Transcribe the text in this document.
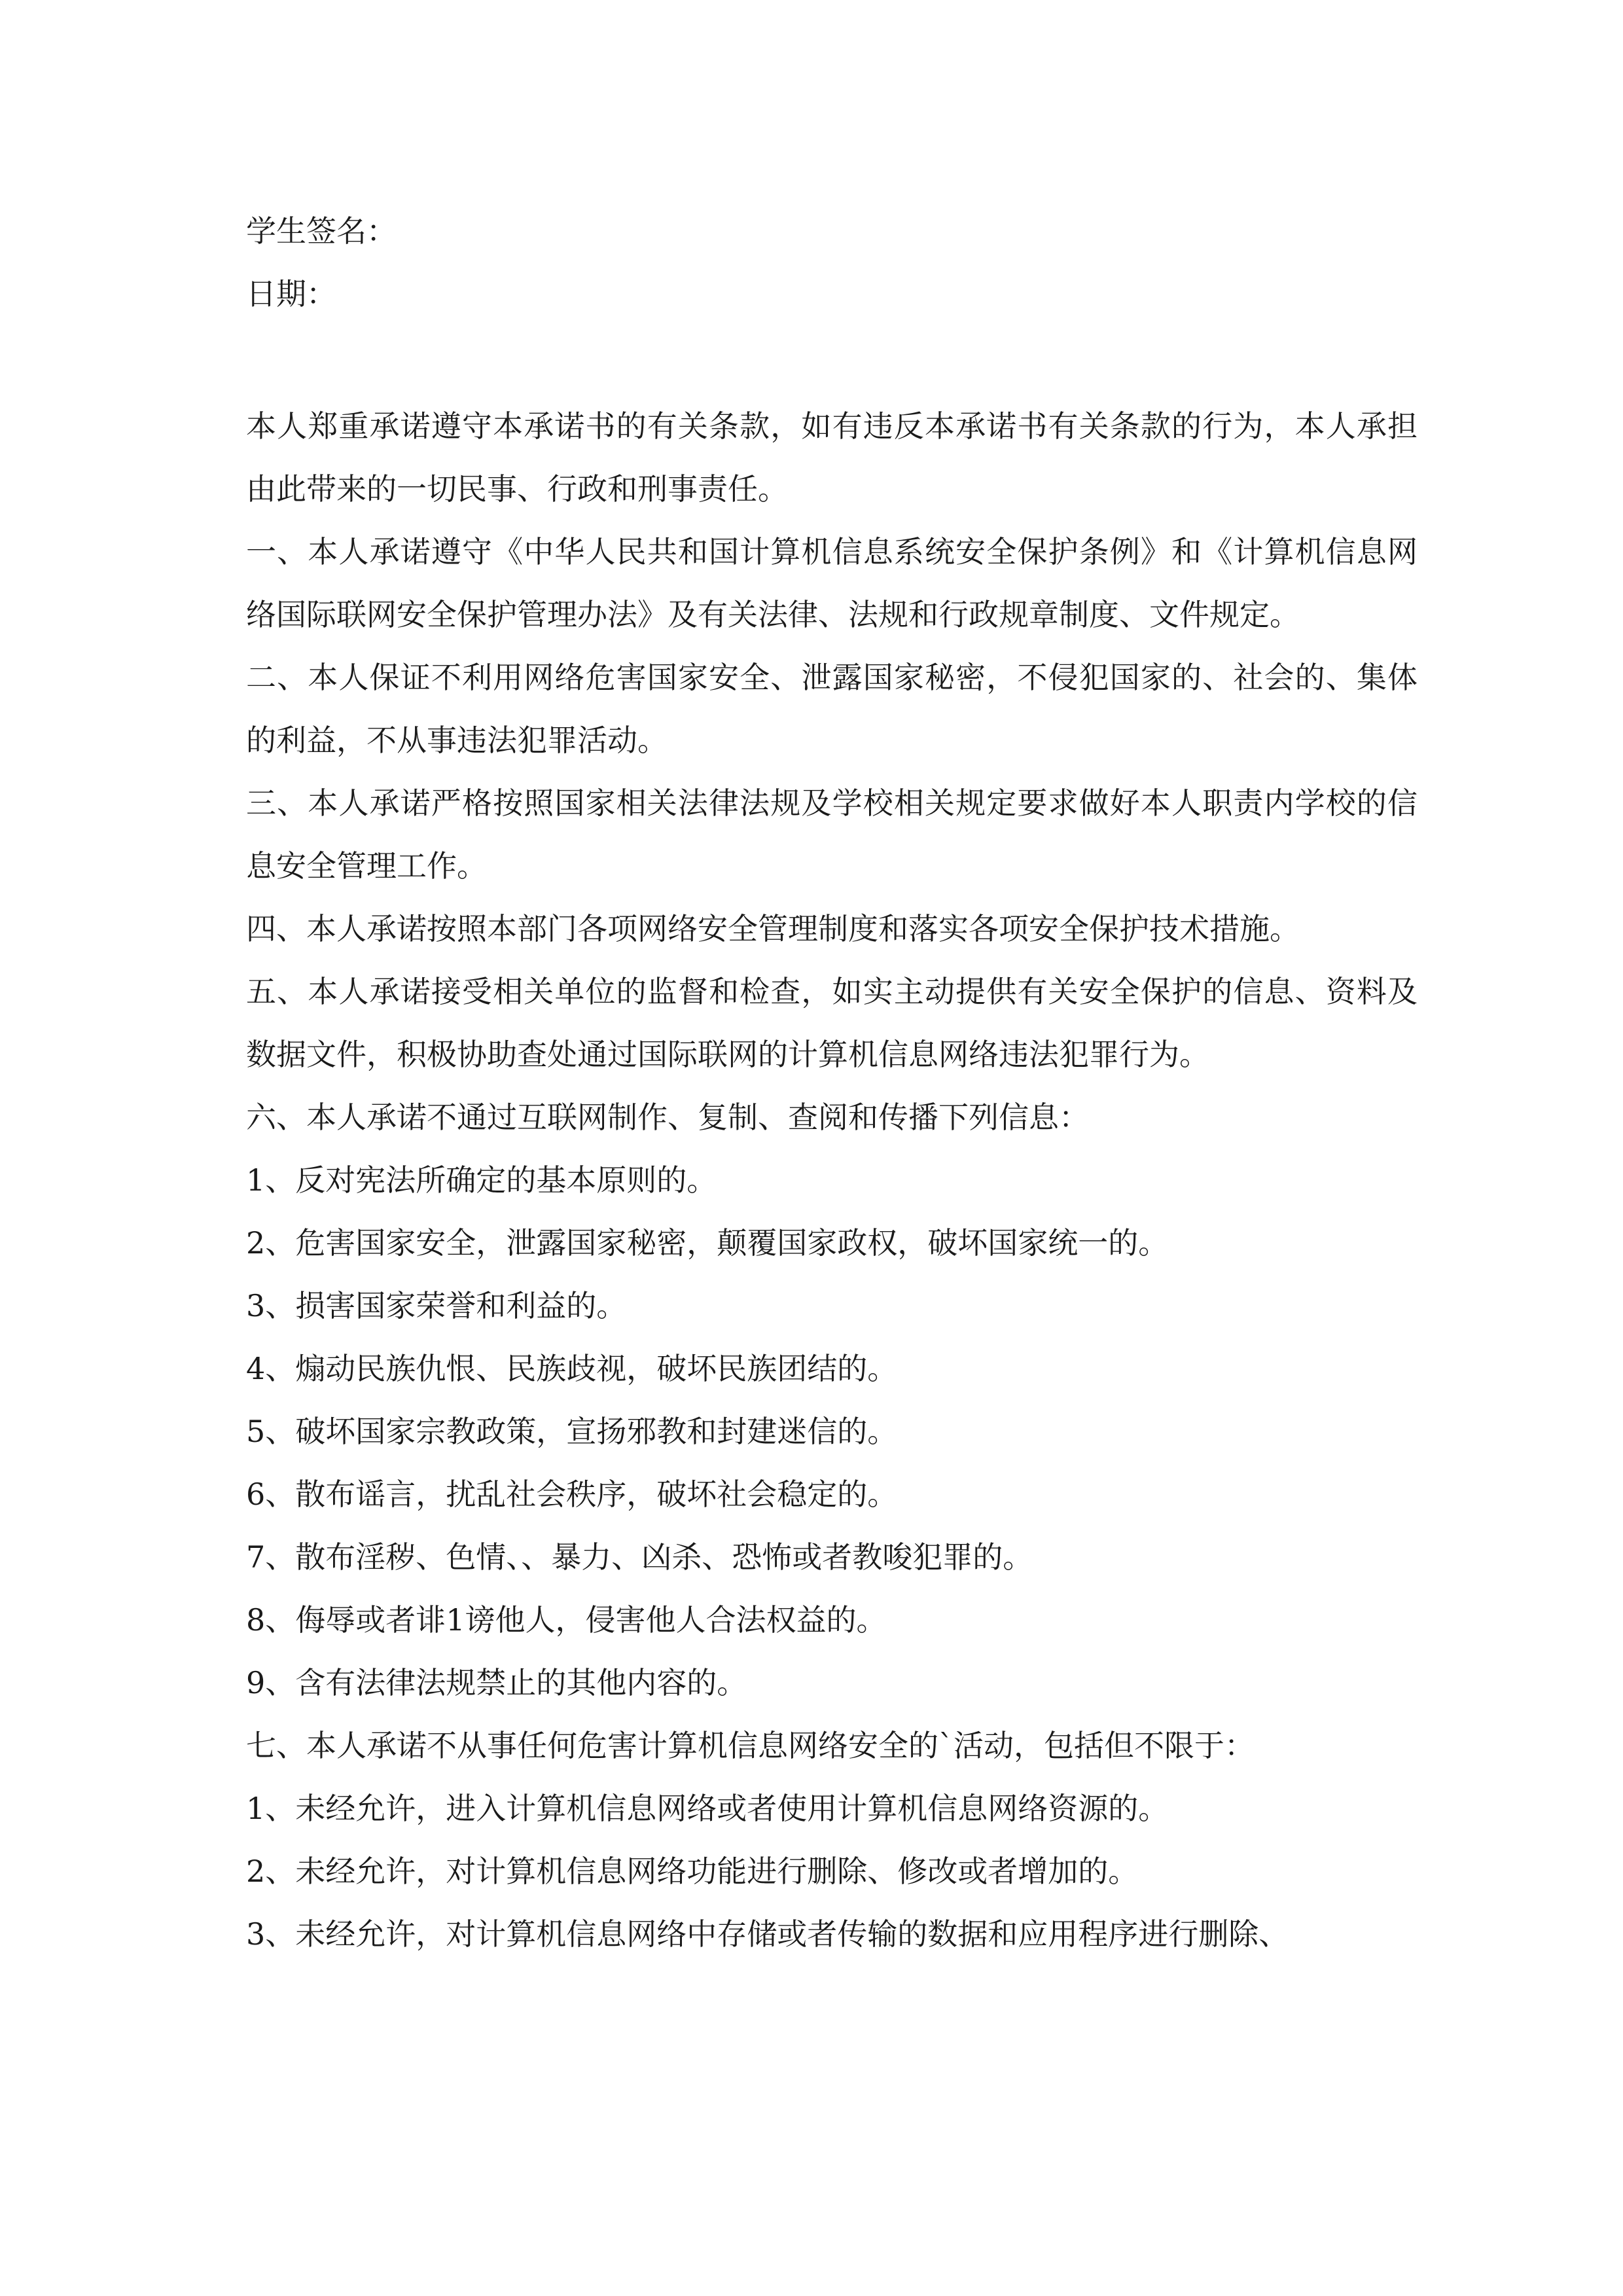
学生签名：
日期：

本人郑重承诺遵守本承诺书的有关条款，如有违反本承诺书有关条款的行为，本人承担由此带来的一切民事、行政和刑事责任。

一、本人承诺遵守《中华人民共和国计算机信息系统安全保护条例》和《计算机信息网络国际联网安全保护管理办法》及有关法律、法规和行政规章制度、文件规定。

二、本人保证不利用网络危害国家安全、泄露国家秘密，不侵犯国家的、社会的、集体的利益，不从事违法犯罪活动。

三、本人承诺严格按照国家相关法律法规及学校相关规定要求做好本人职责内学校的信息安全管理工作。

四、本人承诺按照本部门各项网络安全管理制度和落实各项安全保护技术措施。

五、本人承诺接受相关单位的监督和检查，如实主动提供有关安全保护的信息、资料及数据文件，积极协助查处通过国际联网的计算机信息网络违法犯罪行为。

六、本人承诺不通过互联网制作、复制、查阅和传播下列信息：

1、反对宪法所确定的基本原则的。

2、危害国家安全，泄露国家秘密，颠覆国家政权，破坏国家统一的。

3、损害国家荣誉和利益的。

4、煽动民族仇恨、民族歧视，破坏民族团结的。

5、破坏国家宗教政策，宣扬邪教和封建迷信的。

6、散布谣言，扰乱社会秩序，破坏社会稳定的。

7、散布淫秽、色情、、暴力、凶杀、恐怖或者教唆犯罪的。

8、侮辱或者诽1谤他人，侵害他人合法权益的。

9、含有法律法规禁止的其他内容的。

七、本人承诺不从事任何危害计算机信息网络安全的`活动，包括但不限于：

1、未经允许，进入计算机信息网络或者使用计算机信息网络资源的。

2、未经允许，对计算机信息网络功能进行删除、修改或者增加的。

3、未经允许，对计算机信息网络中存储或者传输的数据和应用程序进行删除、
